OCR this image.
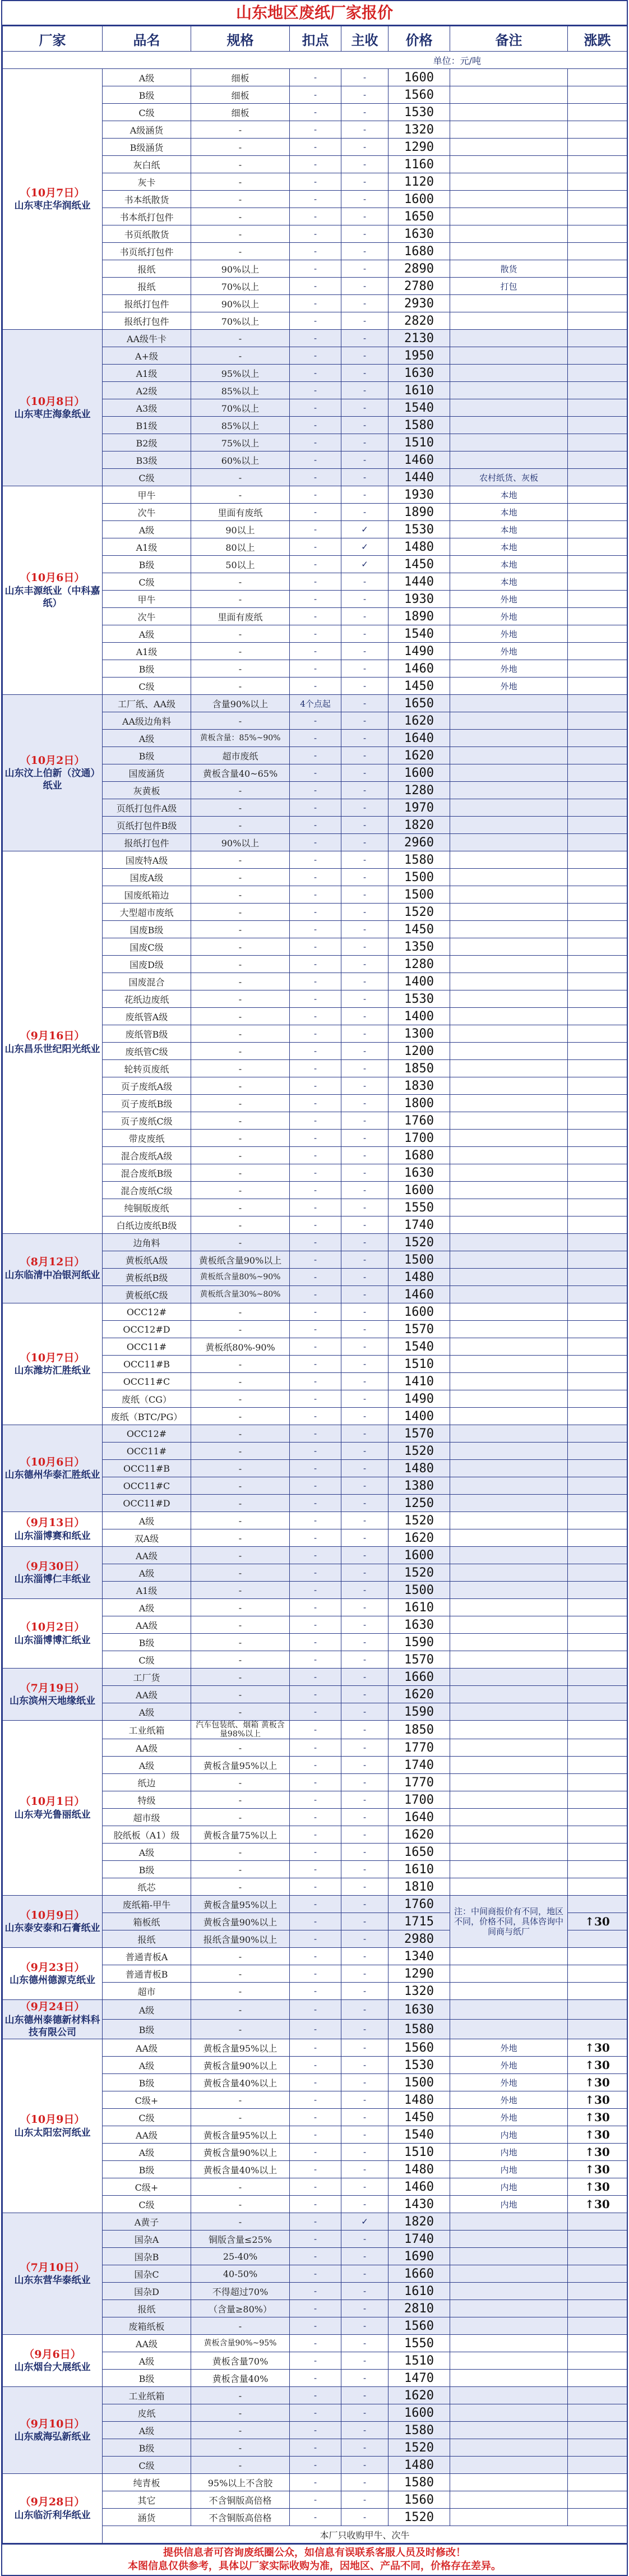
山东地区废纸厂家报价
厂家	品名	规格	扣点	主收	价格	备注	涨跌
单位：元/吨							

（10月7日）
山东枣庄华润纸业	A级	细板	-	-	1600		
	B级	细板	-	-	1560		
	C级	细板	-	-	1530		
	A级涵货	-	-	-	1320		
	B级涵货	-	-	-	1290		
	灰白纸	-	-	-	1160		
	灰卡	-	-	-	1120		
	书本纸散货	-	-	-	1600		
	书本纸打包件	-	-	-	1650		
	书页纸散货	-	-	-	1630		
	书页纸打包件	-	-	-	1680		
	报纸	90%以上	-	-	2890	散货	
	报纸	70%以上	-	-	2780	打包	
	报纸打包件	90%以上	-	-	2930		
	报纸打包件	70%以上	-	-	2820		

（10月8日）
山东枣庄海象纸业	AA级牛卡	-	-	-	2130		
	A+级	-	-	-	1950		
	A1级	95%以上	-	-	1630		
	A2级	85%以上	-	-	1610		
	A3级	70%以上	-	-	1540		
	B1级	85%以上	-	-	1580		
	B2级	75%以上	-	-	1510		
	B3级	60%以上	-	-	1460		
	C级	-	-	-	1440	农村纸货、灰板	

（10月6日）
山东丰源纸业（中科嘉纸）	甲牛	-	-	-	1930	本地	
	次牛	里面有废纸	-	-	1890	本地	
	A级	90以上	-	✓	1530	本地	
	A1级	80以上	-	✓	1480	本地	
	B级	50以上	-	✓	1450	本地	
	C级	-	-	-	1440	本地	
	甲牛	-	-	-	1930	外地	
	次牛	里面有废纸	-	-	1890	外地	
	A级	-	-	-	1540	外地	
	A1级	-	-	-	1490	外地	
	B级	-	-	-	1460	外地	
	C级	-	-	-	1450	外地	

（10月2日）
山东汶上伯新（汶通）纸业	工厂纸、AA级	含量90%以上	4个点起	-	1650		
	AA级边角料	-	-	-	1620		
	A级	黄板含量：85%~90%	-	-	1640		
	B级	超市废纸	-	-	1620		
	国废涵货	黄板含量40~65%	-	-	1600		
	灰黄板	-	-	-	1280		
	页纸打包件A级	-	-	-	1970		
	页纸打包件B级	-	-	-	1820		
	报纸打包件	90%以上	-	-	2960		

（9月16日）
山东昌乐世纪阳光纸业	国废特A级	-	-	-	1580		
	国废A级	-	-	-	1500		
	国废纸箱边	-	-	-	1500		
	大型超市废纸	-	-	-	1520		
	国废B级	-	-	-	1450		
	国废C级	-	-	-	1350		
	国废D级	-	-	-	1280		
	国废混合	-	-	-	1400		
	花纸边废纸	-	-	-	1530		
	废纸管A级	-	-	-	1400		
	废纸管B级	-	-	-	1300		
	废纸管C级	-	-	-	1200		
	轮转页废纸	-	-	-	1850		
	页子废纸A级	-	-	-	1830		
	页子废纸B级	-	-	-	1800		
	页子废纸C级	-	-	-	1760		
	带皮废纸	-	-	-	1700		
	混合废纸A级	-	-	-	1680		
	混合废纸B级	-	-	-	1630		
	混合废纸C级	-	-	-	1600		
	纯铜版废纸	-	-	-	1550		
	白纸边废纸B级	-	-	-	1740		

（8月12日）
山东临清中冶银河纸业	边角料	-	-	-	1520		
	黄板纸A级	黄板纸含量90%以上	-	-	1500		
	黄板纸B级	黄板纸含量80%~90%	-	-	1480		
	黄板纸C级	黄板纸含量30%~80%	-	-	1460		

（10月7日）
山东潍坊汇胜纸业	OCC12#	-	-	-	1600		
	OCC12#D	-	-	-	1570		
	OCC11#	黄板纸80%-90%	-	-	1540		
	OCC11#B	-	-	-	1510		
	OCC11#C	-	-	-	1410		
	废纸（CG）	-	-	-	1490		
	废纸（BTC/PG）	-	-	-	1400		

（10月6日）
山东德州华泰汇胜纸业	OCC12#	-	-	-	1570		
	OCC11#	-	-	-	1520		
	OCC11#B	-	-	-	1480		
	OCC11#C	-	-	-	1380		
	OCC11#D	-	-	-	1250		

（9月13日）
山东淄博赛和纸业	A级	-	-	-	1520		
	双A级	-	-	-	1620		

（9月30日）
山东淄博仁丰纸业	AA级	-	-	-	1600		
	A级	-	-	-	1520		
	A1级	-	-	-	1500		

（10月2日）
山东淄博博汇纸业	A级	-	-	-	1610		
	AA级	-	-	-	1630		
	B级	-	-	-	1590		
	C级	-	-	-	1570		

（7月19日）
山东滨州天地缘纸业	工厂货	-	-	-	1660		
	AA级	-	-	-	1620		
	A级	-	-	-	1590		

（10月1日）
山东寿光鲁丽纸业	工业纸箱	汽车包装纸、烟箱 黄板含量98%以上	-	-	1850		
	AA级	-	-	-	1770		
	A级	黄板含量95%以上	-	-	1740		
	纸边	-	-	-	1770		
	特级	-	-	-	1700		
	超市级	-	-	-	1640		
	胶纸板（A1）级	黄板含量75%以上	-	-	1620		
	A级	-	-	-	1650		
	B级	-	-	-	1610		
	纸芯	-	-	-	1810		

（10月9日）
山东泰安泰和石膏纸业	废纸箱-甲牛	黄板含量95%以上	-	-	1760	注：中间商报价有不同，地区不同，价格不同，具体咨询中间商与纸厂	
	箱板纸	黄板含量90%以上	-	-	1715		↑30
	报纸	报纸含量90%以上	-	-	2980		

（9月23日）
山东德州德源克纸业	普通青板A	-	-	-	1340		
	普通青板B	-	-	-	1290		
	超市	-	-	-	1320		

（9月24日）
山东德州泰德新材料科技有限公司	A级	-	-	-	1630		
	B级	-	-	-	1580		

（10月9日）
山东太阳宏河纸业	AA级	黄板含量95%以上	-	-	1560	外地	↑30
	A级	黄板含量90%以上	-	-	1530	外地	↑30
	B级	黄板含量40%以上	-	-	1500	外地	↑30
	C级+	-	-	-	1480	外地	↑30
	C级	-	-	-	1450	外地	↑30
	AA级	黄板含量95%以上	-	-	1540	内地	↑30
	A级	黄板含量90%以上	-	-	1510	内地	↑30
	B级	黄板含量40%以上	-	-	1480	内地	↑30
	C级+	-	-	-	1460	内地	↑30
	C级	-	-	-	1430	内地	↑30

（7月10日）
山东东营华泰纸业	A黄子	-	-	✓	1820		
	国杂A	铜版含量≤25%	-	-	1740		
	国杂B	25-40%	-	-	1690		
	国杂C	40-50%	-	-	1660		
	国杂D	不得超过70%	-	-	1610		
	报纸	（含量≥80%）	-	-	2810		
	废箱纸板	-	-	-	1560		

（9月6日）
山东烟台大展纸业	AA级	黄板含量90%~95%	-	-	1550		
	A级	黄板含量70%	-	-	1510		
	B级	黄板含量40%	-	-	1470		

（9月10日）
山东威海弘新纸业	工业纸箱	-	-	-	1620		
	皮纸	-	-	-	1600		
	A级	-	-	-	1580		
	B级	-	-	-	1520		
	C级	-	-	-	1480		

（9月28日）
山东临沂利华纸业	纯青板	95%以上不含胶	-	-	1580		
	其它	不含铜版高倍格	-	-	1560		
	涵货	不含铜版高倍格	-	-	1520		
	本厂只收购甲牛、次牛						
提供信息者可咨询废纸圈公众，如信息有误联系客服人员及时修改！
本图信息仅供参考，具体以厂家实际收购为准，因地区、产品不同，价格存在差异。
